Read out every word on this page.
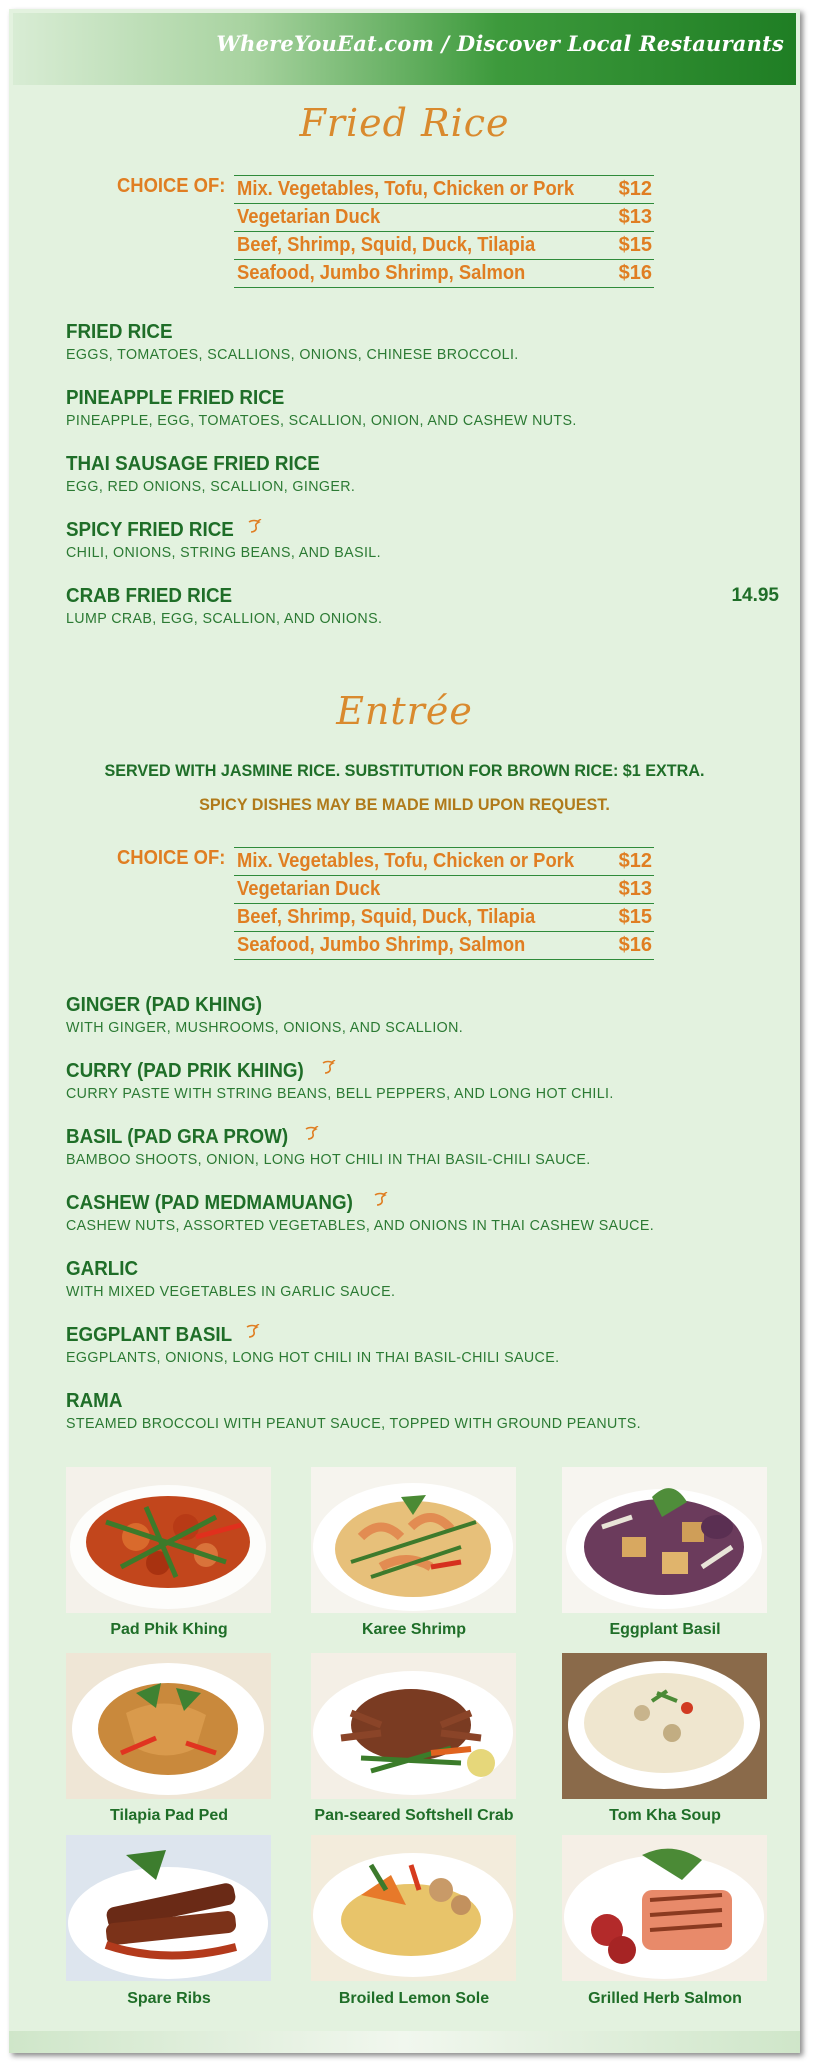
WhereYouEat.com / Discover Local Restaurants
Fried Rice
CHOICE OF: Mix. Vegetables, Tofu, Chicken or Pork $12
Vegetarian Duck	$13
Beef, Shrimp, Squid, Duck, Tilapia	$15
Seafood, Jumbo Shrimp, Salmon	$16
FRIED RICE
EGGS, TOMATOES, SCALLIONS, ONIONS, CHINESE BROCCOLI.
PINEAPPLE FRIED RICE
PINEAPPLE, EGG, TOMATOES, SCALLION, ONION, AND CASHEW NUTS.
THAI SAUSAGE FRIED RICE
EGG, RED ONIONS, SCALLION, GINGER.
SPICY FRIED RICE
CHILI, ONIONS, STRING BEANS, AND BASIL.
CRAB FRIED RICE	14.95
LUMP CRAB, EGG, SCALLION, AND ONIONS.
Entrée
SERVED WITH JASMINE RICE. SUBSTITUTION FOR BROWN RICE: $1 EXTRA.
SPICY DISHES MAY BE MADE MILD UPON REQUEST.
CHOICE OF: Mix. Vegetables, Tofu, Chicken or Pork $12
Vegetarian Duck	$13
Beef, Shrimp, Squid, Duck, Tilapia	$15
Seafood, Jumbo Shrimp, Salmon	$16
GINGER (PAD KHING)
WITH GINGER, MUSHROOMS, ONIONS, AND SCALLION.
CURRY (PAD PRIK KHING)
CURRY PASTE WITH STRING BEANS, BELL PEPPERS, AND LONG HOT CHILI.
BASIL (PAD GRA PROW)
BAMBOO SHOOTS, ONION, LONG HOT CHILI IN THAI BASIL-CHILI SAUCE.
CASHEW (PAD MEDMAMUANG)
CASHEW NUTS, ASSORTED VEGETABLES, AND ONIONS IN THAI CASHEW SAUCE.
GARLIC
WITH MIXED VEGETABLES IN GARLIC SAUCE.
EGGPLANT BASIL
EGGPLANTS, ONIONS, LONG HOT CHILI IN THAI BASIL-CHILI SAUCE.
RAMA
STEAMED BROCCOLI WITH PEANUT SAUCE, TOPPED WITH GROUND PEANUTS.
Pad Phik Khing	Karee Shrimp	Eggplant Basil
Tilapia Pad Ped	Pan-seared Softshell Crab	Tom Kha Soup
Spare Ribs	Broiled Lemon Sole	Grilled Herb Salmon
